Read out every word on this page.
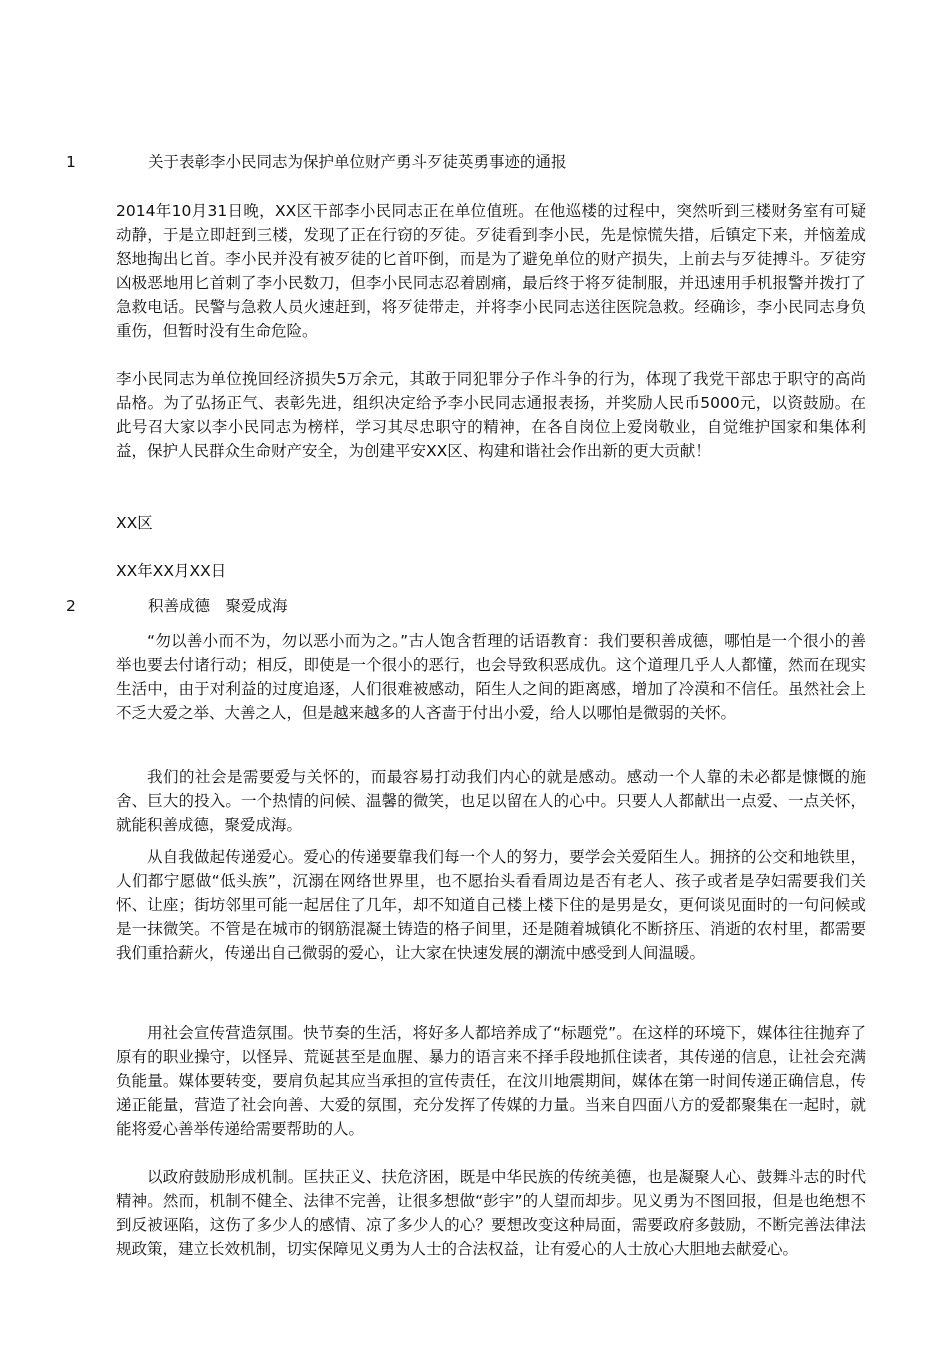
1	关于表彰李小民同志为保护单位财产勇斗歹徒英勇事迹的通报

2014年10月31日晚，XX区干部李小民同志正在单位值班。在他巡楼的过程中，突然听到三楼财务室有可疑动静，于是立即赶到三楼，发现了正在行窃的歹徒。歹徒看到李小民，先是惊慌失措，后镇定下来，并恼羞成怒地掏出匕首。李小民并没有被歹徒的匕首吓倒，而是为了避免单位的财产损失，上前去与歹徒搏斗。歹徒穷凶极恶地用匕首刺了李小民数刀，但李小民同志忍着剧痛，最后终于将歹徒制服，并迅速用手机报警并拨打了急救电话。民警与急救人员火速赶到，将歹徒带走，并将李小民同志送往医院急救。经确诊，李小民同志身负重伤，但暂时没有生命危险。

李小民同志为单位挽回经济损失5万余元，其敢于同犯罪分子作斗争的行为，体现了我党干部忠于职守的高尚品格。为了弘扬正气、表彰先进，组织决定给予李小民同志通报表扬，并奖励人民币5000元，以资鼓励。在此号召大家以李小民同志为榜样，学习其尽忠职守的精神，在各自岗位上爱岗敬业，自觉维护国家和集体利益，保护人民群众生命财产安全，为创建平安XX区、构建和谐社会作出新的更大贡献！

XX区
XX年XX月XX日
2	积善成德　聚爱成海

“勿以善小而不为，勿以恶小而为之。”古人饱含哲理的话语教育：我们要积善成德，哪怕是一个很小的善举也要去付诸行动；相反，即使是一个很小的恶行，也会导致积恶成仇。这个道理几乎人人都懂，然而在现实生活中，由于对利益的过度追逐，人们很难被感动，陌生人之间的距离感，增加了冷漠和不信任。虽然社会上不乏大爱之举、大善之人，但是越来越多的人吝啬于付出小爱，给人以哪怕是微弱的关怀。

我们的社会是需要爱与关怀的，而最容易打动我们内心的就是感动。感动一个人靠的未必都是慷慨的施舍、巨大的投入。一个热情的问候、温馨的微笑，也足以留在人的心中。只要人人都献出一点爱、一点关怀，就能积善成德，聚爱成海。

从自我做起传递爱心。爱心的传递要靠我们每一个人的努力，要学会关爱陌生人。拥挤的公交和地铁里，人们都宁愿做“低头族”，沉溺在网络世界里，也不愿抬头看看周边是否有老人、孩子或者是孕妇需要我们关怀、让座；街坊邻里可能一起居住了几年，却不知道自己楼上楼下住的是男是女，更何谈见面时的一句问候或是一抹微笑。不管是在城市的钢筋混凝土铸造的格子间里，还是随着城镇化不断挤压、消逝的农村里，都需要我们重拾薪火，传递出自己微弱的爱心，让大家在快速发展的潮流中感受到人间温暖。

用社会宣传营造氛围。快节奏的生活，将好多人都培养成了“标题党”。在这样的环境下，媒体往往抛弃了原有的职业操守，以怪异、荒诞甚至是血腥、暴力的语言来不择手段地抓住读者，其传递的信息，让社会充满负能量。媒体要转变，要肩负起其应当承担的宣传责任，在汶川地震期间，媒体在第一时间传递正确信息，传递正能量，营造了社会向善、大爱的氛围，充分发挥了传媒的力量。当来自四面八方的爱都聚集在一起时，就能将爱心善举传递给需要帮助的人。

以政府鼓励形成机制。匡扶正义、扶危济困，既是中华民族的传统美德，也是凝聚人心、鼓舞斗志的时代精神。然而，机制不健全、法律不完善，让很多想做“彭宇”的人望而却步。见义勇为不图回报，但是也绝想不到反被诬陷，这伤了多少人的感情、凉了多少人的心？要想改变这种局面，需要政府多鼓励，不断完善法律法规政策，建立长效机制，切实保障见义勇为人士的合法权益，让有爱心的人士放心大胆地去献爱心。
